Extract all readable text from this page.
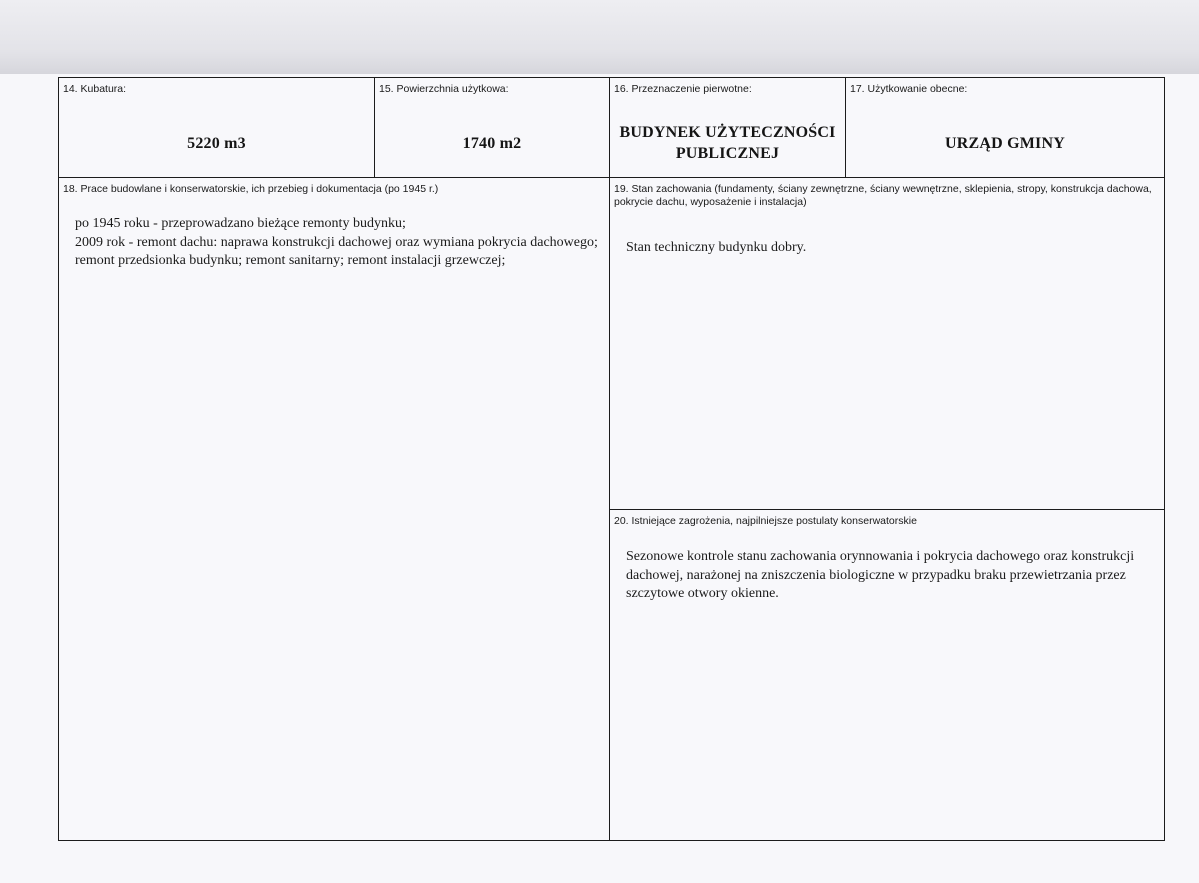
14. Kubatura:
5220 m3
15. Powierzchnia użytkowa:
1740 m2
16. Przeznaczenie pierwotne:
BUDYNEK UŻYTECZNOŚCI
PUBLICZNEJ
17. Użytkowanie obecne:
URZĄD GMINY
18. Prace budowlane i konserwatorskie, ich przebieg i dokumentacja (po 1945 r.)
po 1945 roku - przeprowadzano bieżące remonty budynku;
2009 rok - remont dachu: naprawa konstrukcji dachowej oraz wymiana pokrycia dachowego;
remont przedsionka budynku; remont sanitarny; remont instalacji grzewczej;
19. Stan zachowania (fundamenty, ściany zewnętrzne, ściany wewnętrzne, sklepienia, stropy, konstrukcja dachowa, pokrycie dachu, wyposażenie i instalacja)
Stan techniczny budynku dobry.
20. Istniejące zagrożenia, najpilniejsze postulaty konserwatorskie
Sezonowe kontrole stanu zachowania orynnowania i pokrycia dachowego oraz konstrukcji
dachowej, narażonej na zniszczenia biologiczne w przypadku braku przewietrzania przez
szczytowe otwory okienne.
